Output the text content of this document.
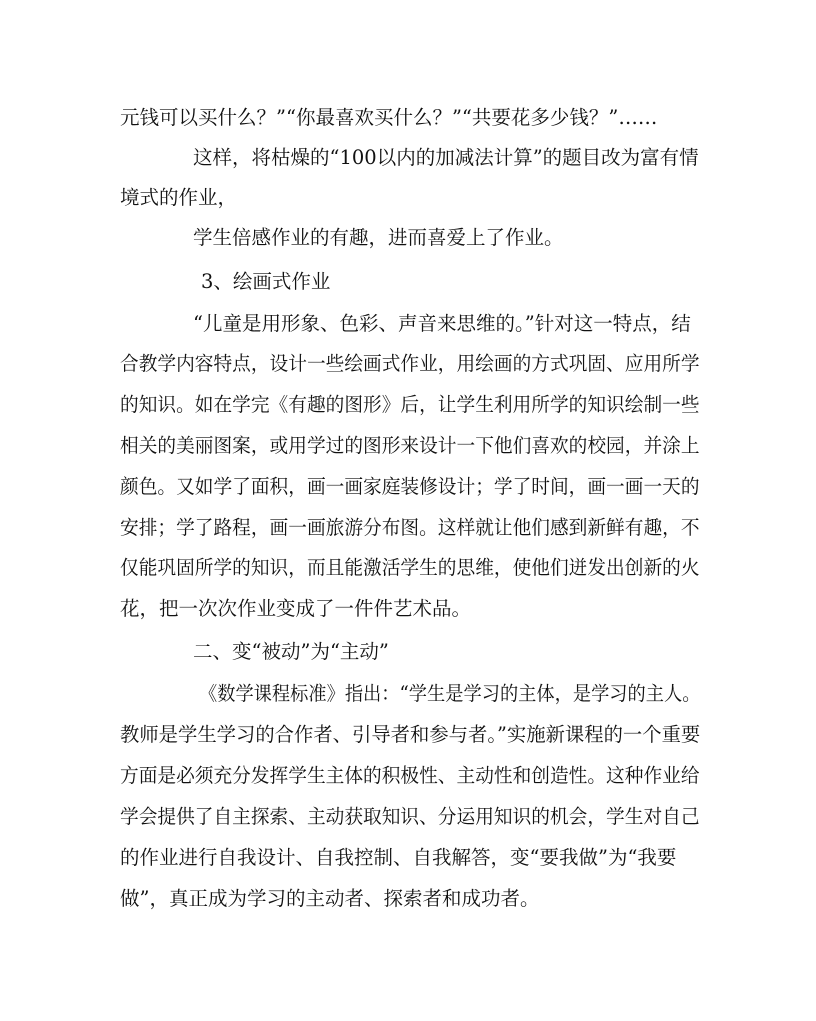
元钱可以买什么？”“你最喜欢买什么？”“共要花多少钱？”……
这样，将枯燥的“100以内的加减法计算”的题目改为富有情
境式的作业，
学生倍感作业的有趣，进而喜爱上了作业。
3、绘画式作业
“儿童是用形象、色彩、声音来思维的。”针对这一特点，结
合教学内容特点，设计一些绘画式作业，用绘画的方式巩固、应用所学
的知识。如在学完《有趣的图形》后，让学生利用所学的知识绘制一些
相关的美丽图案，或用学过的图形来设计一下他们喜欢的校园，并涂上
颜色。又如学了面积，画一画家庭装修设计；学了时间，画一画一天的
安排；学了路程，画一画旅游分布图。这样就让他们感到新鲜有趣，不
仅能巩固所学的知识，而且能激活学生的思维，使他们迸发出创新的火
花，把一次次作业变成了一件件艺术品。
二、变“被动”为“主动”
《数学课程标准》指出：“学生是学习的主体，是学习的主人。
教师是学生学习的合作者、引导者和参与者。”实施新课程的一个重要
方面是必须充分发挥学生主体的积极性、主动性和创造性。这种作业给
学会提供了自主探索、主动获取知识、分运用知识的机会，学生对自己
的作业进行自我设计、自我控制、自我解答，变“要我做”为“我要
做”，真正成为学习的主动者、探索者和成功者。
